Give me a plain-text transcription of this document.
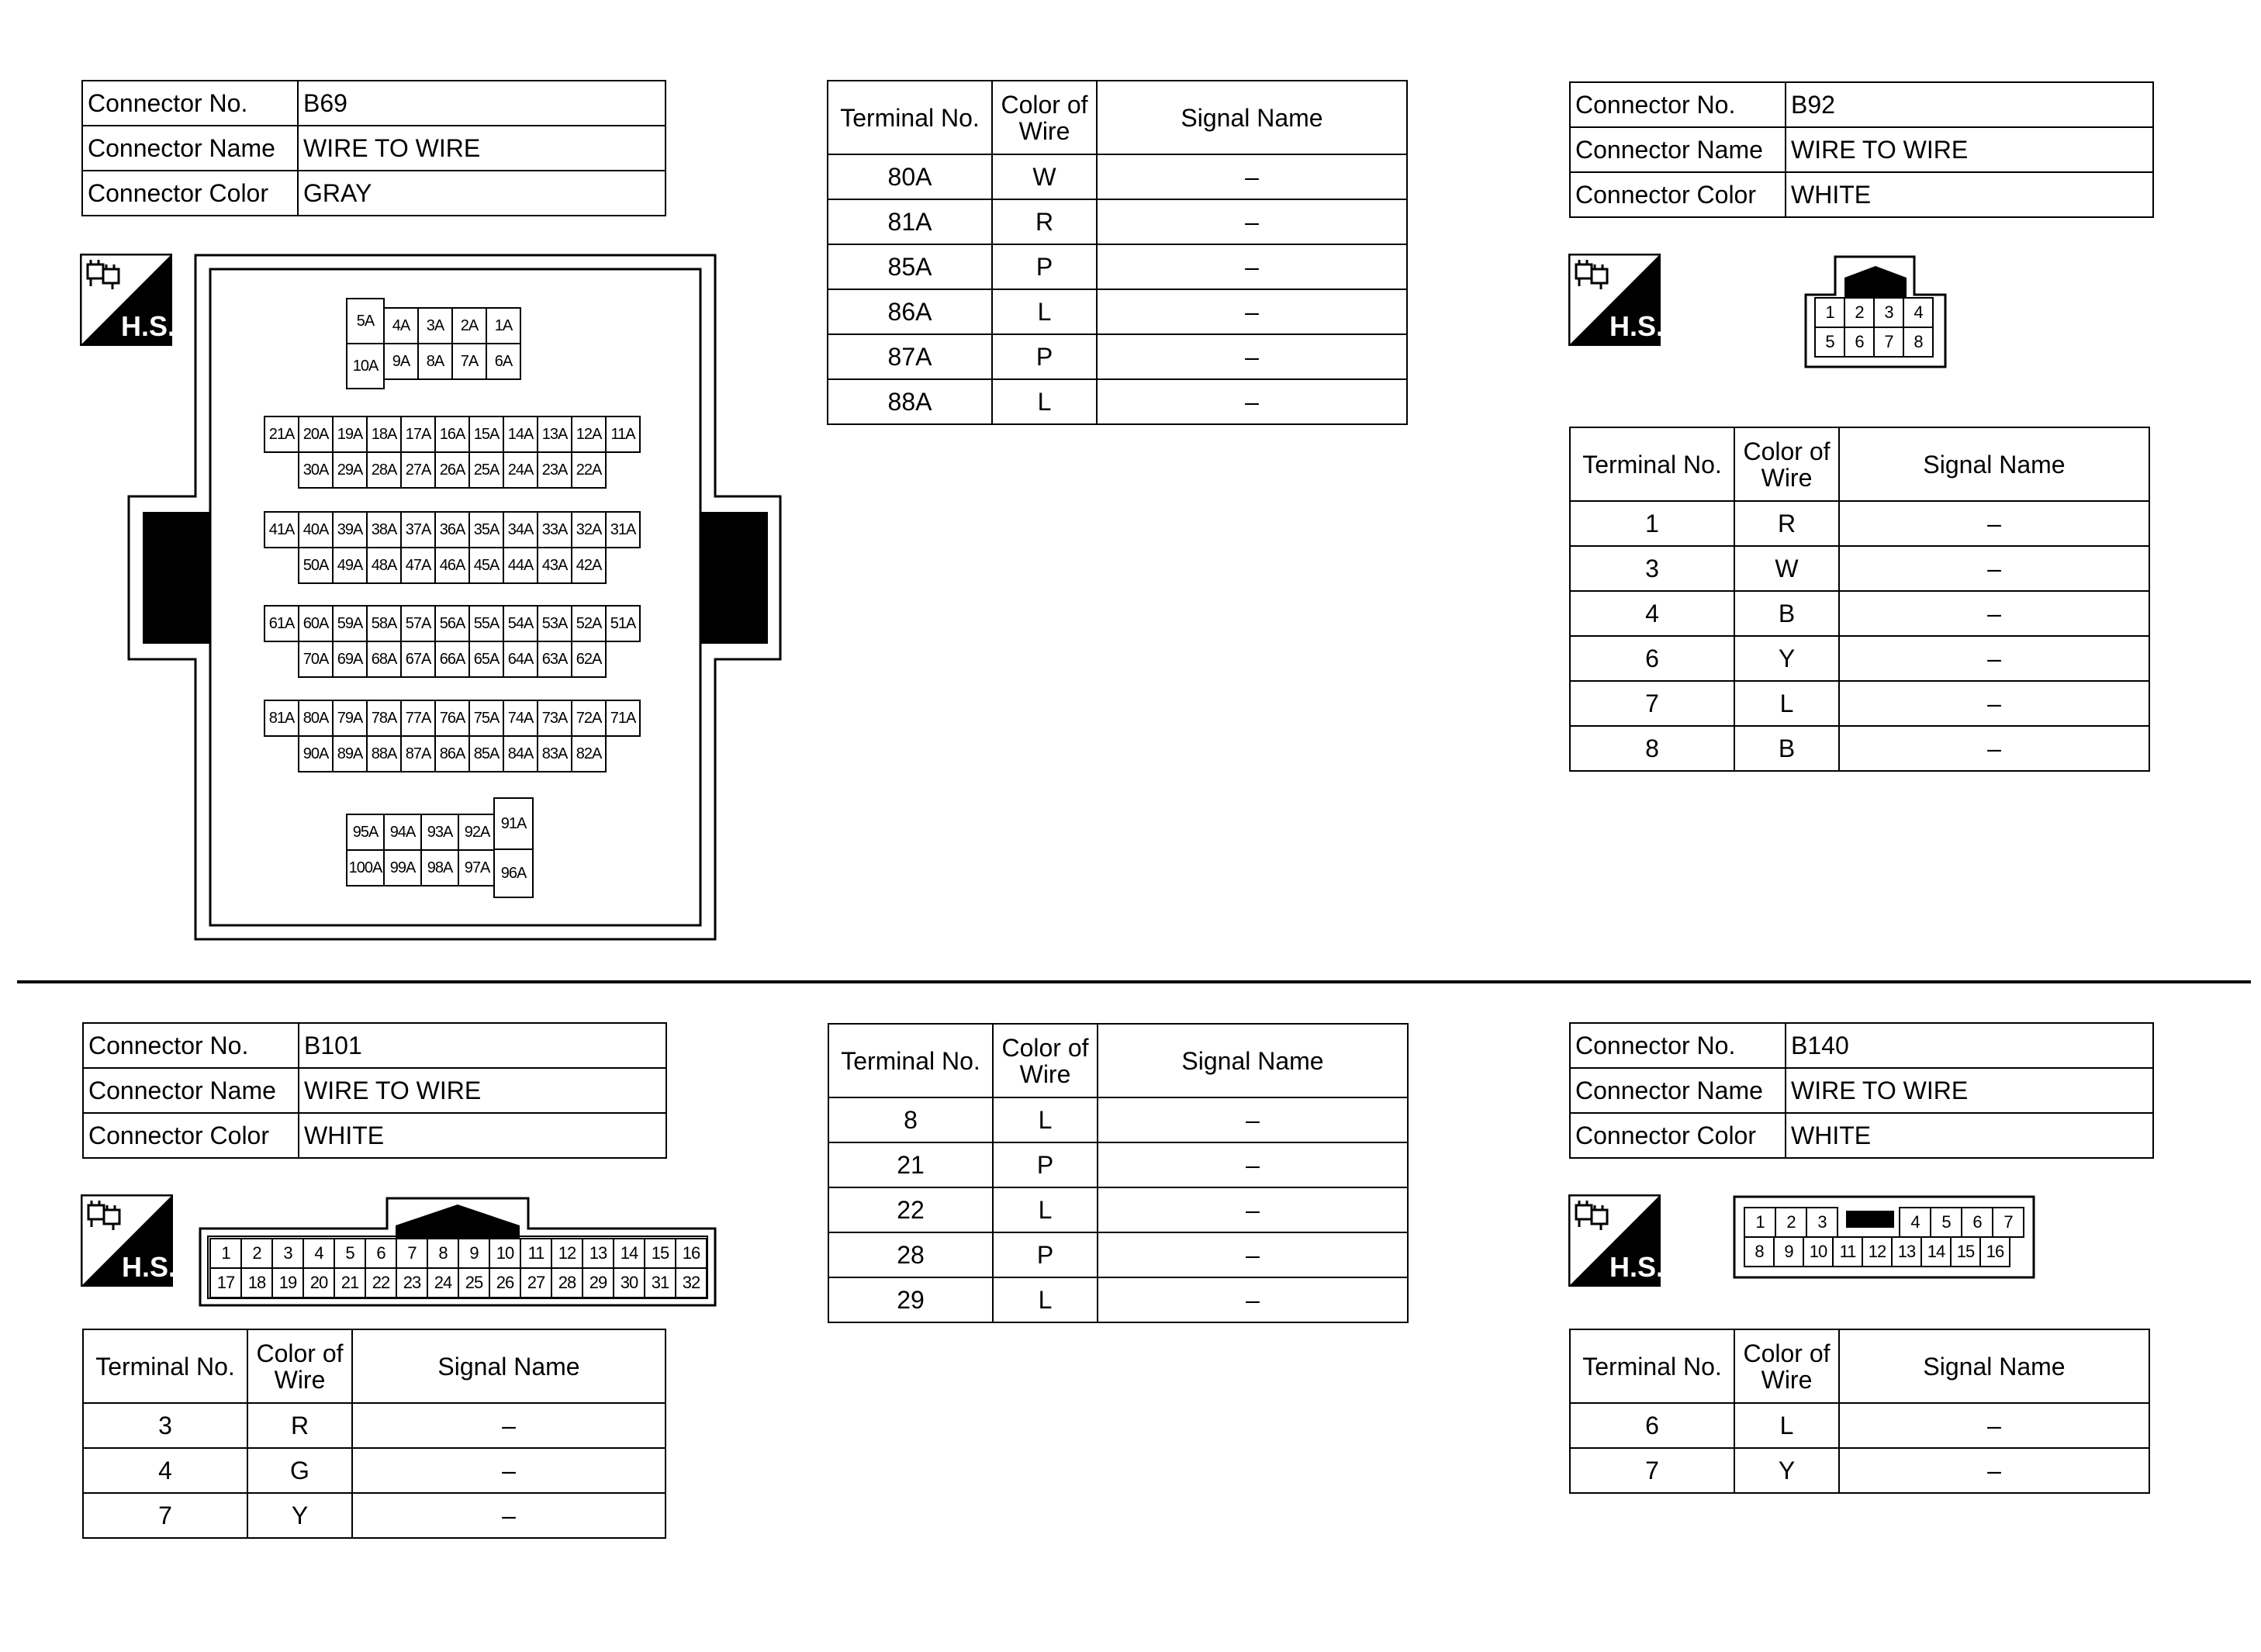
Connector No.	B69
Connector Name	WIRE TO WIRE
Connector Color	GRAY
H.S.	5A
10A
4A	3A	2A	1A
9A	8A	7A	6A
21A 20A 19A 18A 17A 16A 15A 14A 13A 12A 11A
30A 29A 28A 27A 26A 25A 24A 23A 22A
41A 40A 39A 38A 37A 36A 35A 34A 33A 32A 31A
50A 49A 48A 47A 46A 45A 44A 43A 42A
61A 60A 59A 58A 57A 56A 55A 54A 53A 52A 51A
70A 69A 68A 67A 66A 65A 64A 63A 62A
81A 80A 79A 78A 77A 76A 75A 74A 73A 72A 71A
90A 89A 88A 87A 86A 85A 84A 83A 82A
95A 94A 93A 92A
100A 99A 98A 97A
91A
96A
Terminal No.	Color of Wire	Signal Name
80A	W	–
81A	R	–
85A	P	–
86A	L	–
87A	P	–
88A	L	–
Connector No.	B92
Connector Name	WIRE TO WIRE
Connector Color	WHITE
H.S.	1	2	3	4
5	6	7	8
Terminal No.	Color of Wire	Signal Name
1	R	–
3	W	–
4	B	–
6	Y	–
7	L	–
8	B	–
Connector No.	B101
Connector Name	WIRE TO WIRE
Connector Color	WHITE
H.S.	1	2	3	4	5	6	7	8	9	10 11 12 13 14 15 16
17 18 19 20 21 22 23 24 25 26 27 28 29 30 31 32
Terminal No.	Color of Wire	Signal Name
8	L	–
21	P	–
22	L	–
28	P	–
29	L	–
Terminal No.	Color of Wire	Signal Name
3	R	–
4	G	–
7	Y	–
Connector No.	B140
Connector Name	WIRE TO WIRE
Connector Color	WHITE
H.S.
1	2	3	4	5	6	7
8	9 10 11 12 13 14 15 16
Terminal No.	Color of Wire	Signal Name
6	L	–
7	Y	–
